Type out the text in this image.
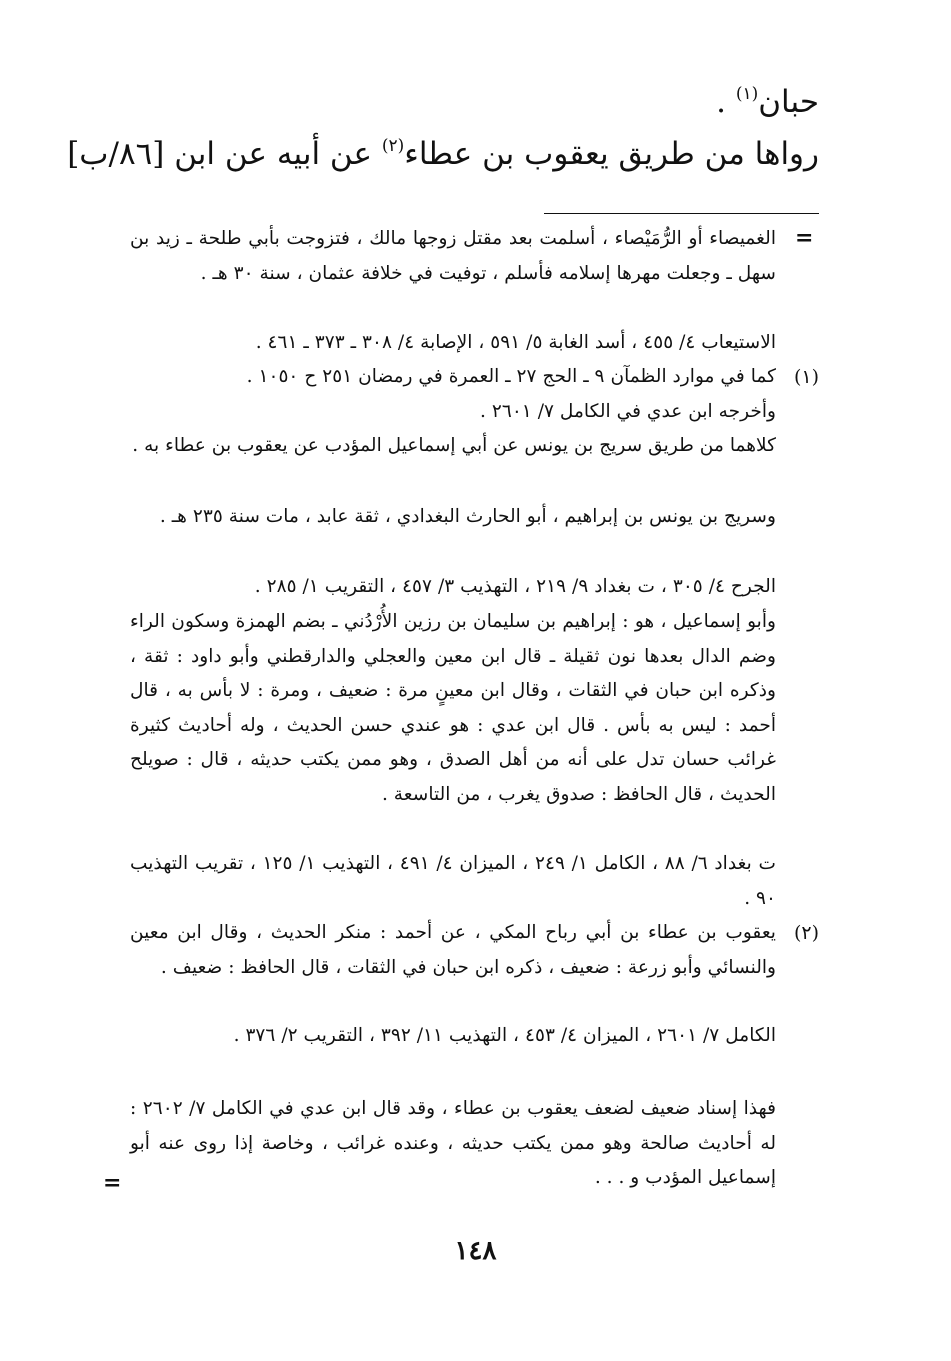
حبان$^{(١)}$ .
رواها من طريق يعقوب بن عطاء$^{(٢)}$ عن أبيه عن ابن [٨٦/ب]
=
الغميصاء أو الرُّمَيْصاء ، أسلمت بعد مقتل زوجها مالك ، فتزوجت بأبي طلحة ـ زيد بن سهل ـ وجعلت مهرها إسلامه فأسلم ، توفيت في خلافة عثمان ، سنة ٣٠ هـ .
الاستيعاب ٤/ ٤٥٥ ، أسد الغابة ٥/ ٥٩١ ، الإصابة ٤/ ٣٠٨ ـ ٣٧٣ ـ ٤٦١ .
(١)
كما في موارد الظمآن ٩ ـ الحج ٢٧ ـ العمرة في رمضان ٢٥١ ح ١٠٥٠ .
وأخرجه ابن عدي في الكامل ٧/ ٢٦٠١ .
كلاهما من طريق سريج بن يونس عن أبي إسماعيل المؤدب عن يعقوب بن عطاء به .
وسريج بن يونس بن إبراهيم ، أبو الحارث البغدادي ، ثقة عابد ، مات سنة ٢٣٥ هـ .
الجرح ٤/ ٣٠٥ ، ت بغداد ٩/ ٢١٩ ، التهذيب ٣/ ٤٥٧ ، التقريب ١/ ٢٨٥ .
وأبو إسماعيل ، هو : إبراهيم بن سليمان بن رزين الأُرْدُني ـ بضم الهمزة وسكون الراء وضم الدال بعدها نون ثقيلة ـ قال ابن معين والعجلي والدارقطني وأبو داود : ثقة ، وذكره ابن حبان في الثقات ، وقال ابن معينٍ مرة : ضعيف ، ومرة : لا بأس به ، قال أحمد : ليس به بأس . قال ابن عدي : هو عندي حسن الحديث ، وله أحاديث كثيرة غرائب حسان تدل على أنه من أهل الصدق ، وهو ممن يكتب حديثه ، قال : صويلح الحديث ، قال الحافظ : صدوق يغرب ، من التاسعة .
ت بغداد ٦/ ٨٨ ، الكامل ١/ ٢٤٩ ، الميزان ٤/ ٤٩١ ، التهذيب ١/ ١٢٥ ، تقريب التهذيب ٩٠ .
(٢)
يعقوب بن عطاء بن أبي رباح المكي ، عن أحمد : منكر الحديث ، وقال ابن معين والنسائي وأبو زرعة : ضعيف ، ذكره ابن حبان في الثقات ، قال الحافظ : ضعيف .
الكامل ٧/ ٢٦٠١ ، الميزان ٤/ ٤٥٣ ، التهذيب ١١/ ٣٩٢ ، التقريب ٢/ ٣٧٦ .
فهذا إسناد ضعيف لضعف يعقوب بن عطاء ، وقد قال ابن عدي في الكامل ٧/ ٢٦٠٢ : له أحاديث صالحة وهو ممن يكتب حديثه ، وعنده غرائب ، وخاصة إذا روى عنه أبو إسماعيل المؤدب و . . .
=
١٤٨
